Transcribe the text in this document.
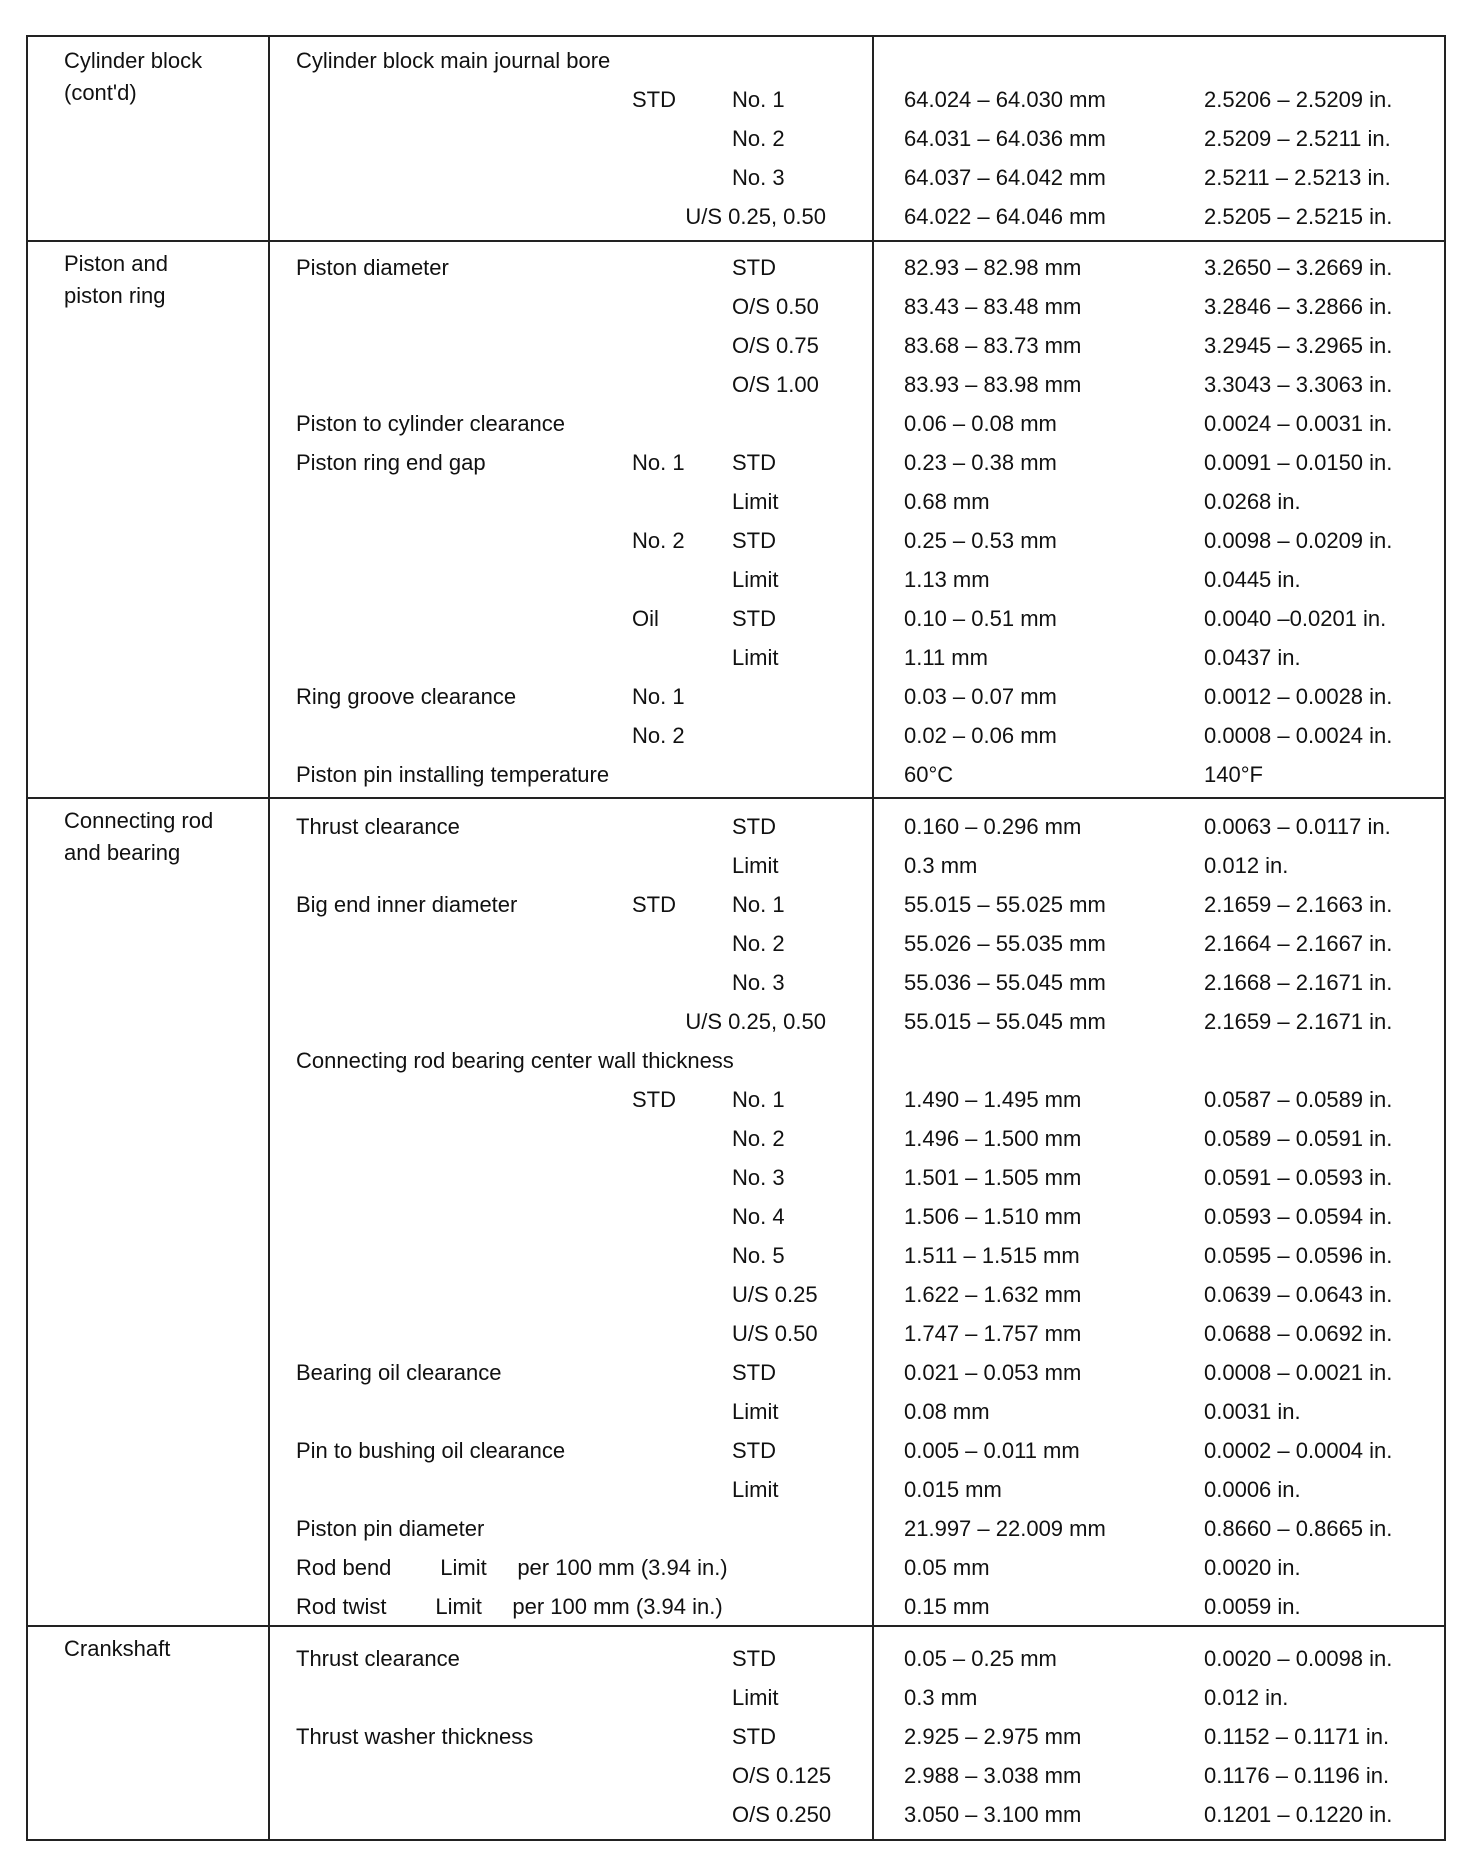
Cylinder block
(cont'd)
Cylinder block main journal bore
STD	No. 1	64.024 – 64.030 mm	2.5206 – 2.5209 in.
No. 2	64.031 – 64.036 mm	2.5209 – 2.5211 in.
No. 3	64.037 – 64.042 mm	2.5211 – 2.5213 in.
U/S 0.25, 0.50	64.022 – 64.046 mm	2.5205 – 2.5215 in.
Piston and
piston ring
Piston diameter	STD	82.93 – 82.98 mm	3.2650 – 3.2669 in.
O/S 0.50	83.43 – 83.48 mm	3.2846 – 3.2866 in.
O/S 0.75	83.68 – 83.73 mm	3.2945 – 3.2965 in.
O/S 1.00	83.93 – 83.98 mm	3.3043 – 3.3063 in.
Piston to cylinder clearance	0.06 – 0.08 mm	0.0024 – 0.0031 in.
Piston ring end gap	No. 1 STD	0.23 – 0.38 mm	0.0091 – 0.0150 in.
Limit	0.68 mm	0.0268 in.
No. 2 STD	0.25 – 0.53 mm	0.0098 – 0.0209 in.
Limit	1.13 mm	0.0445 in.
Oil	STD	0.10 – 0.51 mm	0.0040 –0.0201 in.
Limit	1.11 mm	0.0437 in.
Ring groove clearance	No. 1	0.03 – 0.07 mm	0.0012 – 0.0028 in.
No. 2	0.02 – 0.06 mm	0.0008 – 0.0024 in.
Piston pin installing temperature	60°C	140°F
Connecting rod
and bearing
Thrust clearance	STD	0.160 – 0.296 mm	0.0063 – 0.0117 in.
Limit	0.3 mm	0.012 in.
Big end inner diameter	STD	No. 1	55.015 – 55.025 mm	2.1659 – 2.1663 in.
No. 2	55.026 – 55.035 mm	2.1664 – 2.1667 in.
No. 3	55.036 – 55.045 mm	2.1668 – 2.1671 in.
U/S 0.25, 0.50	55.015 – 55.045 mm	2.1659 – 2.1671 in.
Connecting rod bearing center wall thickness
STD	No. 1	1.490 – 1.495 mm	0.0587 – 0.0589 in.
No. 2	1.496 – 1.500 mm	0.0589 – 0.0591 in.
No. 3	1.501 – 1.505 mm	0.0591 – 0.0593 in.
No. 4	1.506 – 1.510 mm	0.0593 – 0.0594 in.
No. 5	1.511 – 1.515 mm	0.0595 – 0.0596 in.
U/S 0.25	1.622 – 1.632 mm	0.0639 – 0.0643 in.
U/S 0.50	1.747 – 1.757 mm	0.0688 – 0.0692 in.
Bearing oil clearance	STD	0.021 – 0.053 mm	0.0008 – 0.0021 in.
Limit	0.08 mm	0.0031 in.
Pin to bushing oil clearance	STD	0.005 – 0.011 mm	0.0002 – 0.0004 in.
Limit	0.015 mm	0.0006 in.
Piston pin diameter	21.997 – 22.009 mm	0.8660 – 0.8665 in.
Rod bend        Limit     per 100 mm (3.94 in.)	0.05 mm	0.0020 in.
Rod twist        Limit     per 100 mm (3.94 in.)	0.15 mm	0.0059 in.
Crankshaft	Thrust clearance	STD	0.05 – 0.25 mm	0.0020 – 0.0098 in.
Limit	0.3 mm	0.012 in.
Thrust washer thickness	STD	2.925 – 2.975 mm	0.1152 – 0.1171 in.
O/S 0.125	2.988 – 3.038 mm	0.1176 – 0.1196 in.
O/S 0.250	3.050 – 3.100 mm	0.1201 – 0.1220 in.
